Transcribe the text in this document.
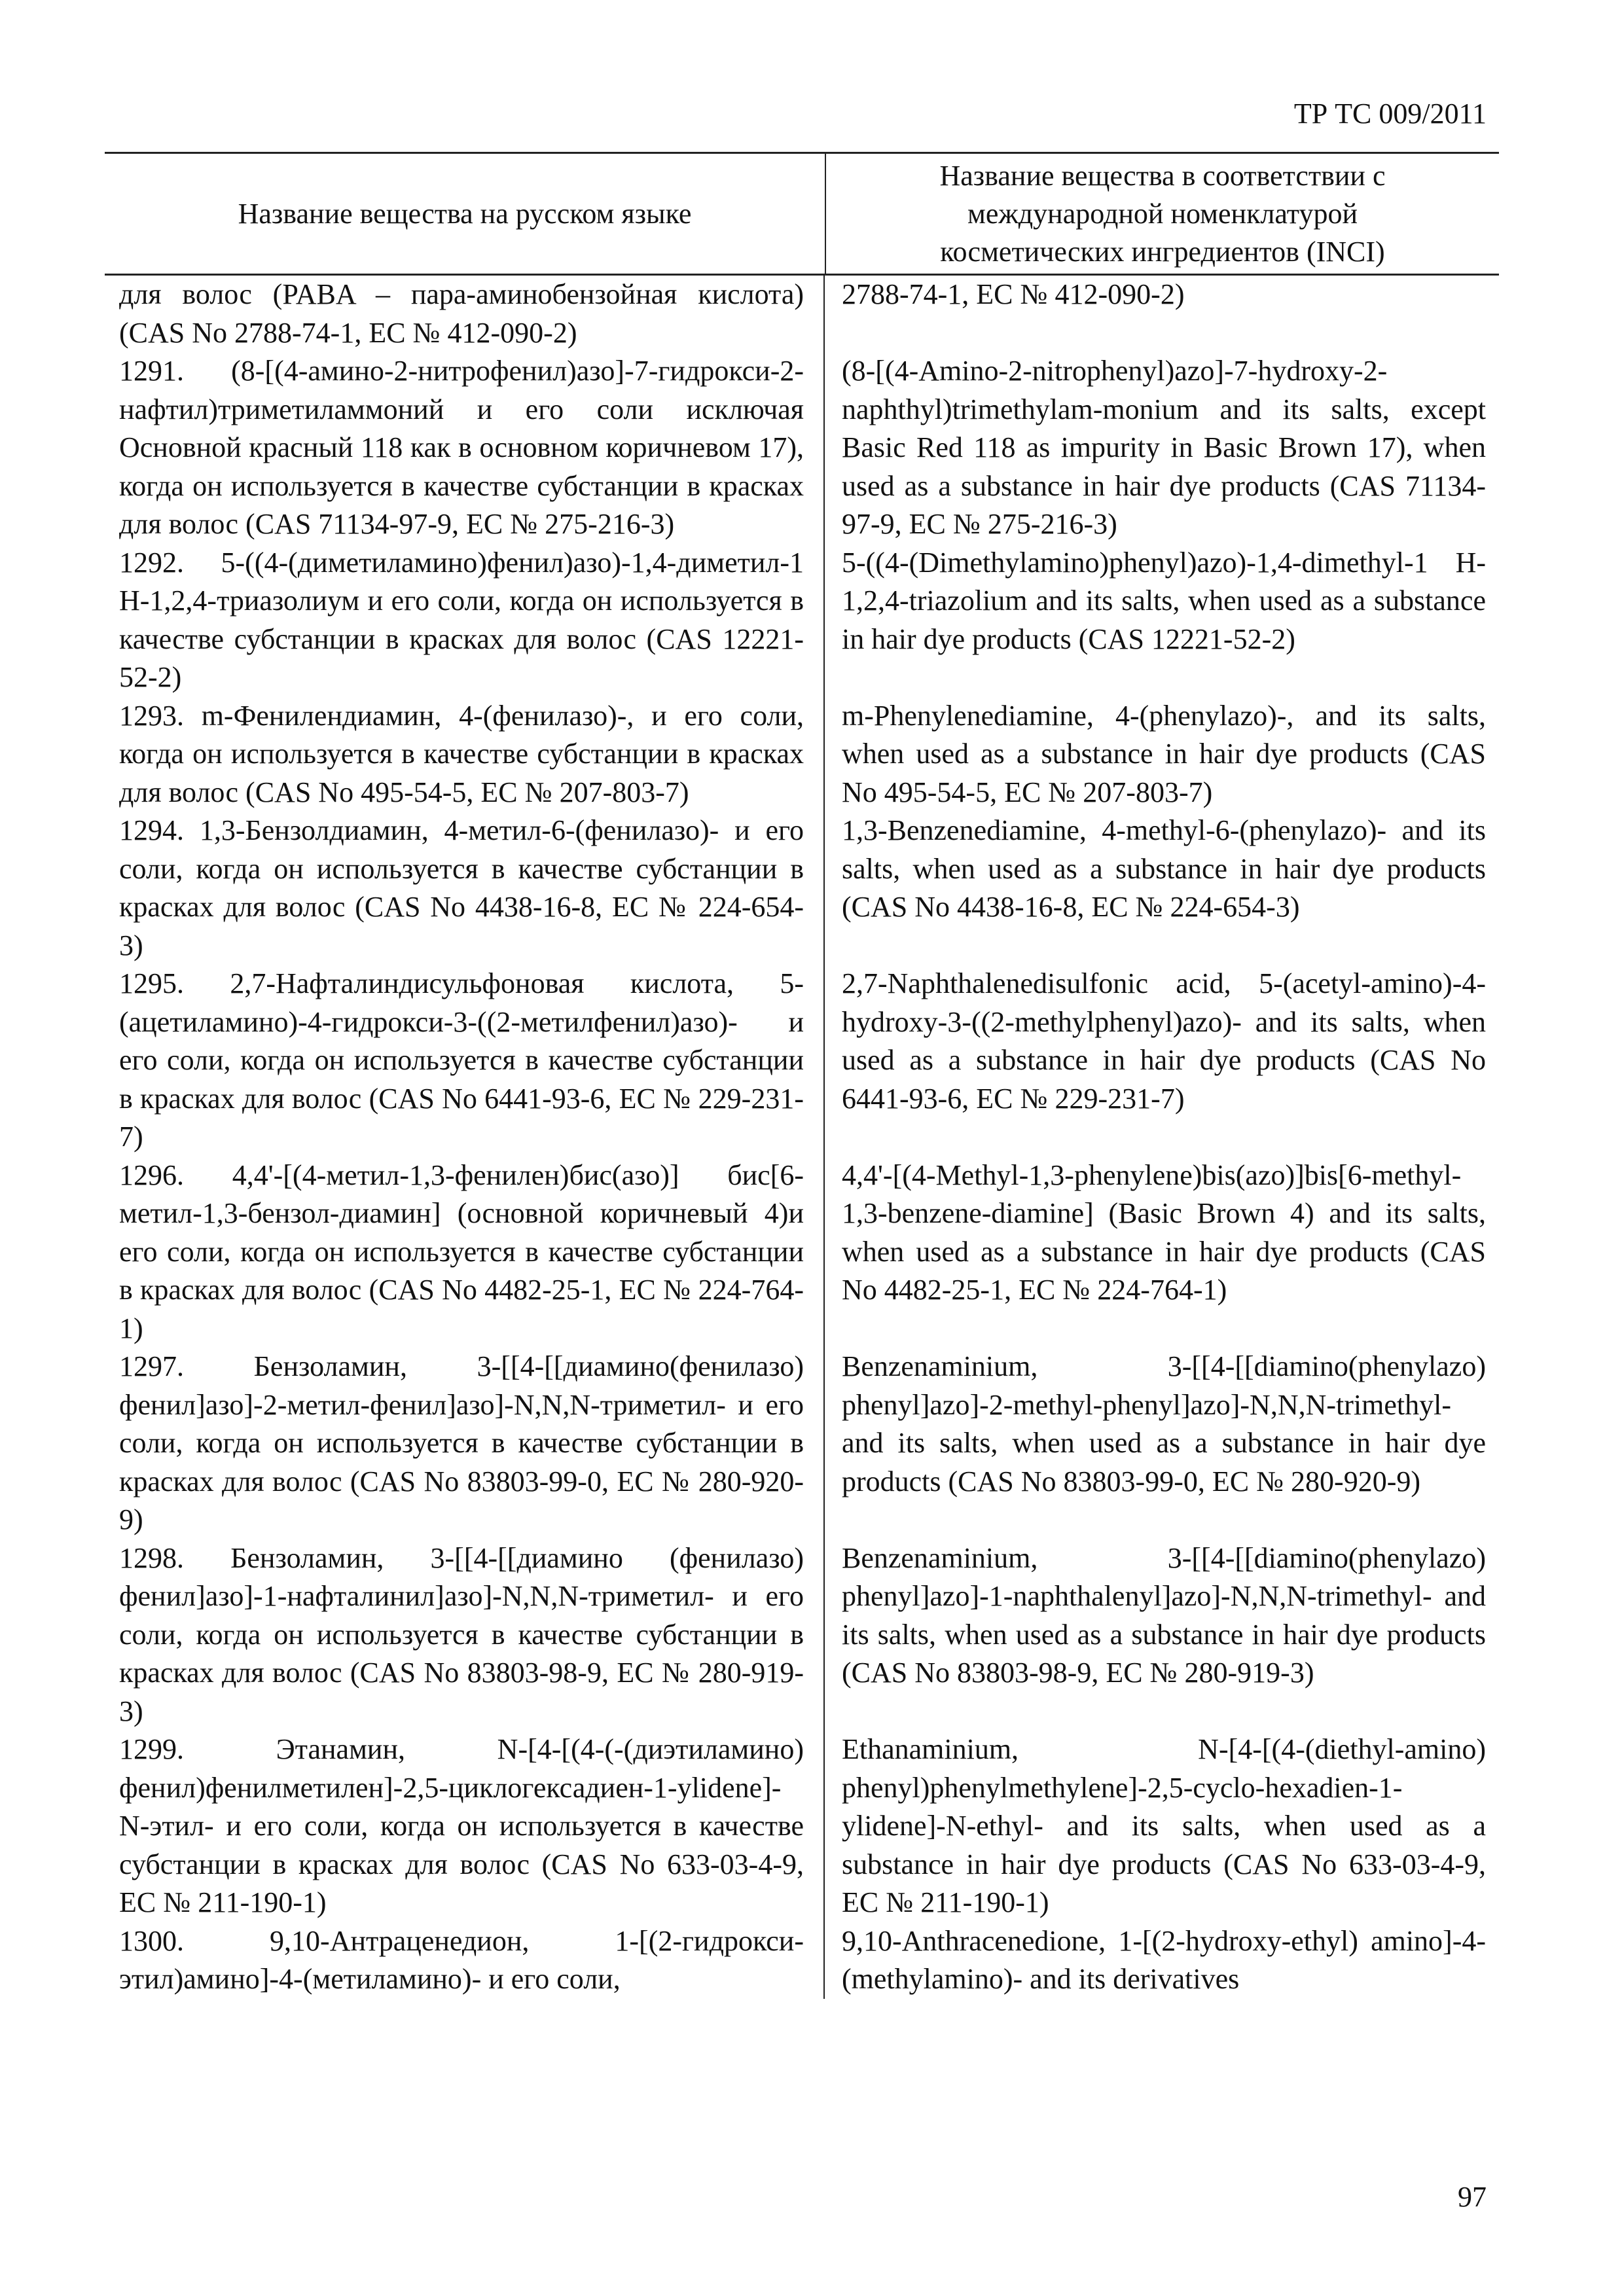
ТР ТС 009/2011
Название вещества на русском языке
Название вещества в соответствии с
международной номенклатурой
косметических ингредиентов (INCI)
для волос (PABA – пара-аминобензойная кислота) (CAS No 2788-74-1, EC № 412-090-2)
2788-74-1, EC № 412-090-2)
1291. (8-[(4-амино-2-нитрофенил)азо]-7-гидрокси-2-нафтил)триметиламмоний и его соли исключая Основной красный 118 как в основном коричневом 17), когда он используется в качестве субстанции в красках для волос (CAS 71134-97-9, EC № 275-216-3)
(8-[(4-Amino-2-nitrophenyl)azo]-7-hydroxy-2-naphthyl)trimethylam-monium and its salts, except Basic Red 118 as impurity in Basic Brown 17), when used as a substance in hair dye products (CAS 71134-97-9, EC № 275-216-3)
1292. 5-((4-(диметиламино)фенил)азо)-1,4-диметил-1 H-1,2,4-триазолиум и его соли, когда он используется в качестве субстанции в красках для волос (CAS 12221-52-2)
5-((4-(Dimethylamino)phenyl)azo)-1,4-dimethyl-1 H-1,2,4-triazolium and its salts, when used as a substance in hair dye products (CAS 12221-52-2)
1293. m-Фенилендиамин, 4-(фенилазо)-, и его соли, когда он используется в качестве субстанции в красках для волос (CAS No 495-54-5, EC № 207-803-7)
m-Phenylenediamine, 4-(phenylazo)-, and its salts, when used as a substance in hair dye products (CAS No 495-54-5, EC № 207-803-7)
1294. 1,3-Бензолдиамин, 4-метил-6-(фенилазо)- и его соли, когда он используется в качестве субстанции в красках для волос (CAS No 4438-16-8, EC № 224-654-3)
1,3-Benzenediamine, 4-methyl-6-(phenylazo)- and its salts, when used as a substance in hair dye products (CAS No 4438-16-8, EC № 224-654-3)
1295. 2,7-Нафталиндисульфоновая кислота, 5-(ацетиламино)-4-гидрокси-3-((2-метилфенил)азо)- и его соли, когда он используется в качестве субстанции в красках для волос (CAS No 6441-93-6, EC № 229-231-7)
2,7-Naphthalenedisulfonic acid, 5-(acetyl-amino)-4-hydroxy-3-((2-methylphenyl)azo)- and its salts, when used as a substance in hair dye products (CAS No 6441-93-6, EC № 229-231-7)
1296. 4,4'-[(4-метил-1,3-фенилен)бис(азо)] бис[6-метил-1,3-бензол-диамин] (основной коричневый 4)и его соли, когда он используется в качестве субстанции в красках для волос (CAS No 4482-25-1, EC № 224-764-1)
4,4'-[(4-Methyl-1,3-phenylene)bis(azo)]bis[6-methyl-1,3-benzene-diamine] (Basic Brown 4) and its salts, when used as a substance in hair dye products (CAS No 4482-25-1, EC № 224-764-1)
1297. Бензоламин, 3-[[4-[[диамино(фенилазо) фенил]азо]-2-метил-фенил]азо]-N,N,N-триметил- и его соли, когда он используется в качестве субстанции в красках для волос (CAS No 83803-99-0, EC № 280-920-9)
Benzenaminium, 3-[[4-[[diamino(phenylazo) phenyl]azo]-2-methyl-phenyl]azo]-N,N,N-trimethyl- and its salts, when used as a substance in hair dye products (CAS No 83803-99-0, EC № 280-920-9)
1298. Бензоламин, 3-[[4-[[диамино (фенилазо) фенил]азо]-1-нафталинил]азо]-N,N,N-триметил- и его соли, когда он используется в качестве субстанции в красках для волос (CAS No 83803-98-9, EC № 280-919-3)
Benzenaminium, 3-[[4-[[diamino(phenylazo) phenyl]azo]-1-naphthalenyl]azo]-N,N,N-trimethyl- and its salts, when used as a substance in hair dye products (CAS No 83803-98-9, EC № 280-919-3)
1299. Этанамин, N-[4-[(4-(-(диэтиламино) фенил)фенилметилен]-2,5-циклогексадиен-1-ylidene]-N-этил- и его соли, когда он используется в качестве субстанции в красках для волос (CAS No 633-03-4-9, EC № 211-190-1)
Ethanaminium, N-[4-[(4-(diethyl-amino) phenyl)phenylmethylene]-2,5-cyclo-hexadien-1-ylidene]-N-ethyl- and its salts, when used as a substance in hair dye products (CAS No 633-03-4-9, EC № 211-190-1)
1300. 9,10-Антраценедион, 1-[(2-гидрокси-этил)амино]-4-(метиламино)- и его соли,
9,10-Anthracenedione, 1-[(2-hydroxy-ethyl) amino]-4-(methylamino)- and its derivatives
97
